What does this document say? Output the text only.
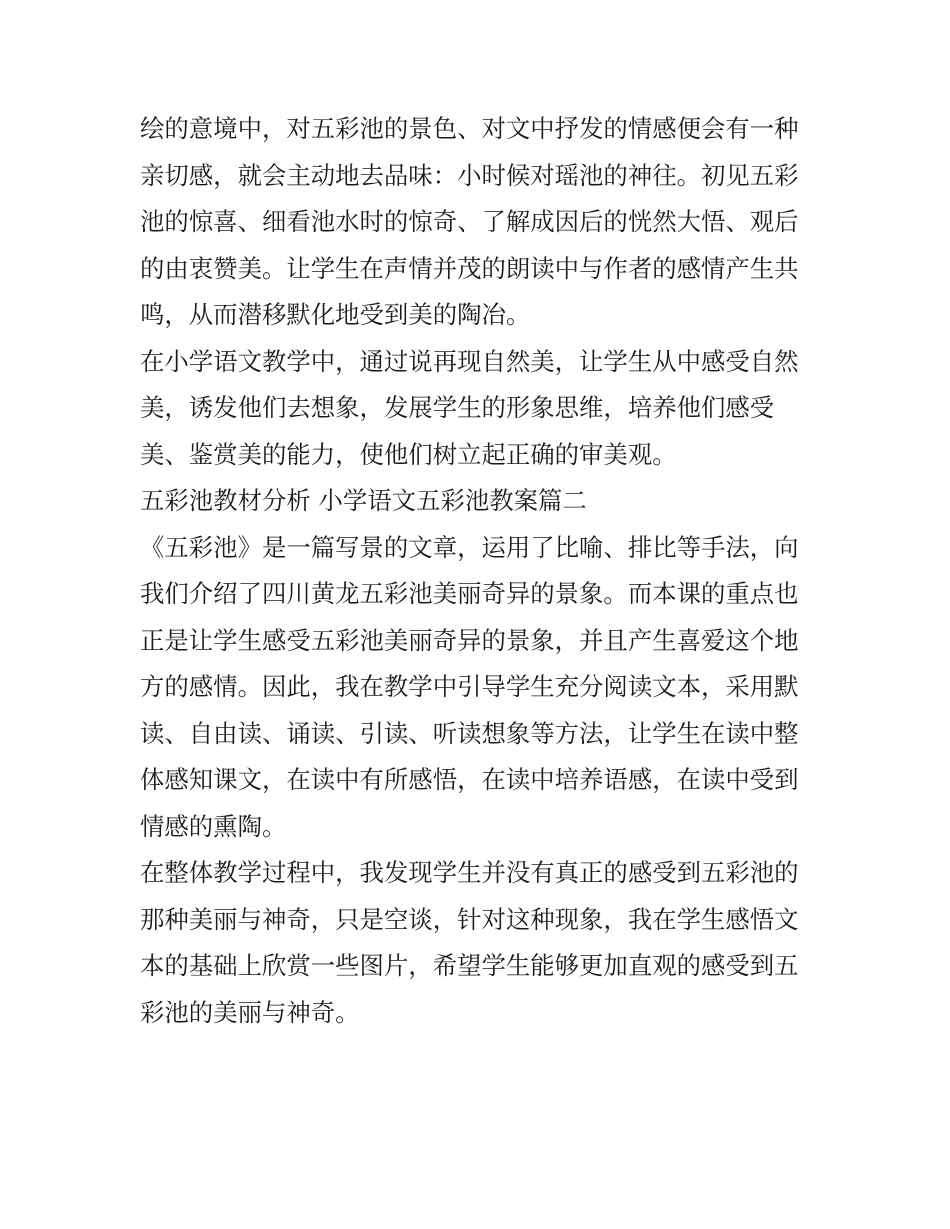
绘的意境中，对五彩池的景色、对文中抒发的情感便会有一种
亲切感，就会主动地去品味：小时候对瑶池的神往。初见五彩
池的惊喜、细看池水时的惊奇、了解成因后的恍然大悟、观后
的由衷赞美。让学生在声情并茂的朗读中与作者的感情产生共
鸣，从而潜移默化地受到美的陶冶。

在小学语文教学中，通过说再现自然美，让学生从中感受自然
美，诱发他们去想象，发展学生的形象思维，培养他们感受
美、鉴赏美的能力，使他们树立起正确的审美观。

五彩池教材分析 小学语文五彩池教案篇二

《五彩池》是一篇写景的文章，运用了比喻、排比等手法，向
我们介绍了四川黄龙五彩池美丽奇异的景象。而本课的重点也
正是让学生感受五彩池美丽奇异的景象，并且产生喜爱这个地
方的感情。因此，我在教学中引导学生充分阅读文本，采用默
读、自由读、诵读、引读、听读想象等方法，让学生在读中整
体感知课文，在读中有所感悟，在读中培养语感，在读中受到
情感的熏陶。

在整体教学过程中，我发现学生并没有真正的感受到五彩池的
那种美丽与神奇，只是空谈，针对这种现象，我在学生感悟文
本的基础上欣赏一些图片，希望学生能够更加直观的感受到五
彩池的美丽与神奇。
